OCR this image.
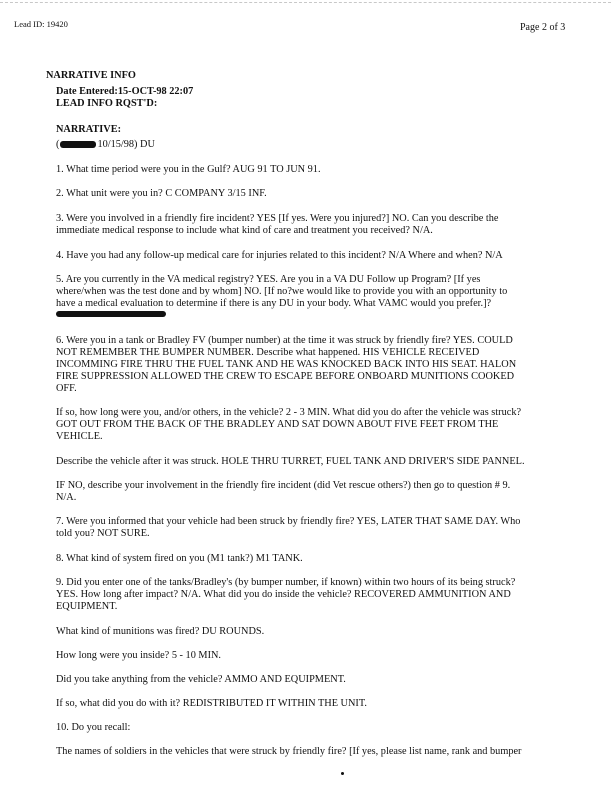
Lead ID: 19420	Page 2 of 3
NARRATIVE INFO
Date Entered:15-OCT-98 22:07
LEAD INFO RQST'D:
NARRATIVE:
(	10/15/98) DU
1. What time period were you in the Gulf? AUG 91 TO JUN 91.
2. What unit were you in? C COMPANY 3/15 INF.
3. Were you involved in a friendly fire incident? YES [If yes. Were you injured?] NO. Can you describe the
immediate medical response to include what kind of care and treatment you received? N/A.
4. Have you had any follow-up medical care for injuries related to this incident? N/A Where and when? N/A
5. Are you currently in the VA medical registry? YES. Are you in a VA DU Follow up Program? [If yes
where/when was the test done and by whom] NO. [If no?we would like to provide you with an opportunity to
have a medical evaluation to determine if there is any DU in your body. What VAMC would you prefer.]?
6. Were you in a tank or Bradley FV (bumper number) at the time it was struck by friendly fire? YES. COULD
NOT REMEMBER THE BUMPER NUMBER. Describe what happened. HIS VEHICLE RECEIVED
INCOMMING FIRE THRU THE FUEL TANK AND HE WAS KNOCKED BACK INTO HIS SEAT. HALON
FIRE SUPPRESSION ALLOWED THE CREW TO ESCAPE BEFORE ONBOARD MUNITIONS COOKED
OFF.
If so, how long were you, and/or others, in the vehicle? 2 - 3 MIN. What did you do after the vehicle was struck?
GOT OUT FROM THE BACK OF THE BRADLEY AND SAT DOWN ABOUT FIVE FEET FROM THE
VEHICLE.
Describe the vehicle after it was struck. HOLE THRU TURRET, FUEL TANK AND DRIVER'S SIDE PANNEL.
IF NO, describe your involvement in the friendly fire incident (did Vet rescue others?) then go to question # 9.
N/A.
7. Were you informed that your vehicle had been struck by friendly fire? YES, LATER THAT SAME DAY. Who
told you? NOT SURE.
8. What kind of system fired on you (M1 tank?) M1 TANK.
9. Did you enter one of the tanks/Bradley's (by bumper number, if known) within two hours of its being struck?
YES. How long after impact? N/A. What did you do inside the vehicle? RECOVERED AMMUNITION AND
EQUIPMENT.
What kind of munitions was fired? DU ROUNDS.
How long were you inside? 5 - 10 MIN.
Did you take anything from the vehicle? AMMO AND EQUIPMENT.
If so, what did you do with it? REDISTRIBUTED IT WITHIN THE UNIT.
10. Do you recall:
The names of soldiers in the vehicles that were struck by friendly fire? [If yes, please list name, rank and bumper
